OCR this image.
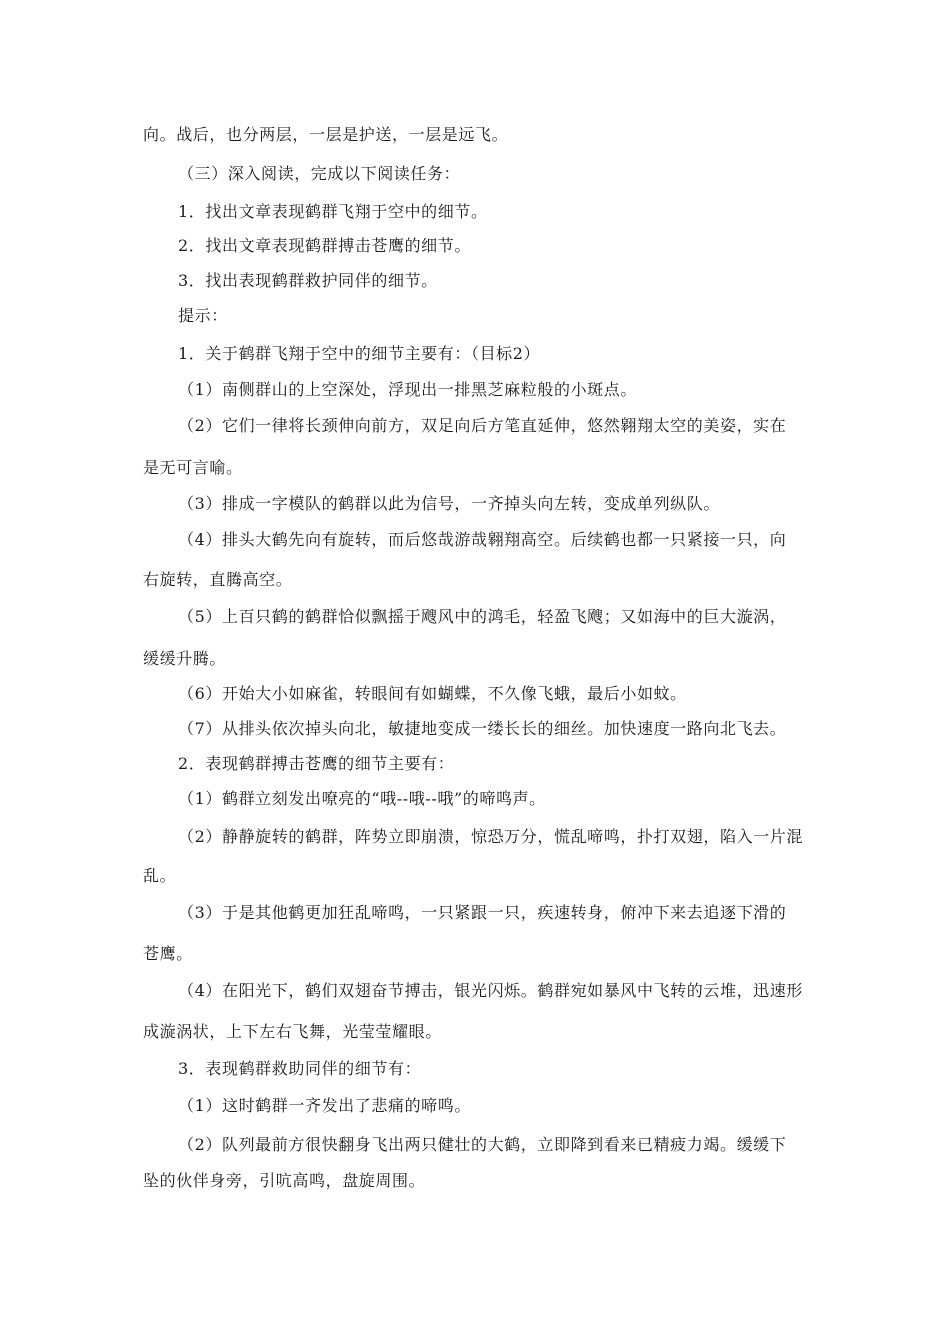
向。战后，也分两层，一层是护送，一层是远飞。
（三）深入阅读，完成以下阅读任务：
1．找出文章表现鹤群飞翔于空中的细节。
2．找出文章表现鹤群搏击苍鹰的细节。
3．找出表现鹤群救护同伴的细节。
提示：
1．关于鹤群飞翔于空中的细节主要有：（目标2）
（1）南侧群山的上空深处，浮现出一排黑芝麻粒般的小斑点。
（2）它们一律将长颈伸向前方，双足向后方笔直延伸，悠然翱翔太空的美姿，实在
是无可言喻。
（3）排成一字模队的鹤群以此为信号，一齐掉头向左转，变成单列纵队。
（4）排头大鹤先向有旋转，而后悠哉游哉翱翔高空。后续鹤也都一只紧接一只，向
右旋转，直腾高空。
（5）上百只鹤的鹤群恰似飘摇于飕风中的鸿毛，轻盈飞飕；又如海中的巨大漩涡，
缓缓升腾。
（6）开始大小如麻雀，转眼间有如蝴蝶，不久像飞蛾，最后小如蚊。
（7）从排头依次掉头向北，敏捷地变成一缕长长的细丝。加快速度一路向北飞去。
2．表现鹤群搏击苍鹰的细节主要有：
（1）鹤群立刻发出嘹亮的“哦--哦--哦”的啼鸣声。
（2）静静旋转的鹤群，阵势立即崩溃，惊恐万分，慌乱啼鸣，扑打双翅，陷入一片混
乱。
（3）于是其他鹤更加狂乱啼鸣，一只紧跟一只，疾速转身，俯冲下来去追逐下滑的
苍鹰。
（4）在阳光下，鹤们双翅奋节搏击，银光闪烁。鹤群宛如暴风中飞转的云堆，迅速形
成漩涡状，上下左右飞舞，光莹莹耀眼。
3．表现鹤群救助同伴的细节有：
（1）这时鹤群一齐发出了悲痛的啼鸣。
（2）队列最前方很快翻身飞出两只健壮的大鹤，立即降到看来已精疲力竭。缓缓下
坠的伙伴身旁，引吭高鸣，盘旋周围。
